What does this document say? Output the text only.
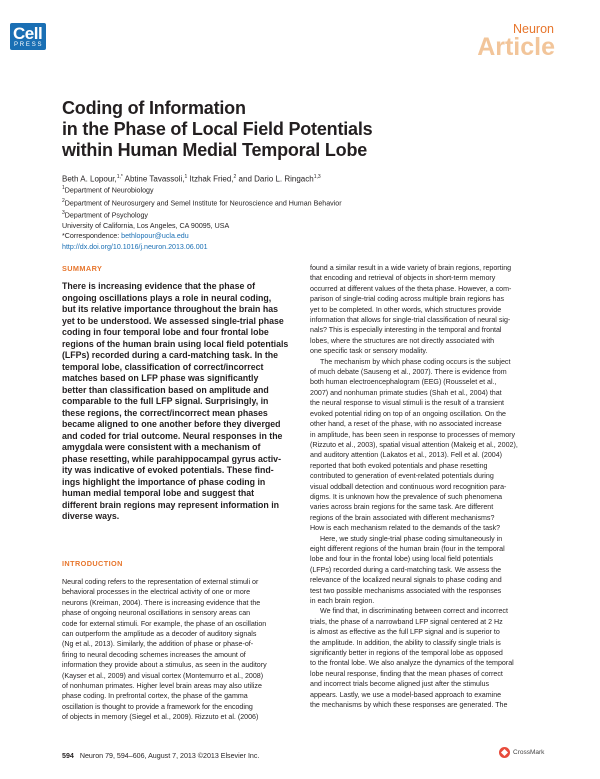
Cell
PRESS
Neuron
Article
Coding of Information
in the Phase of Local Field Potentials
within Human Medial Temporal Lobe
Beth A. Lopour,$^{1,*}$ Abtine Tavassoli,$^1$ Itzhak Fried,$^2$ and Dario L. Ringach$^{1,3}$
$^1$Department of Neurobiology
$^2$Department of Neurosurgery and Semel Institute for Neuroscience and Human Behavior
$^3$Department of Psychology
University of California, Los Angeles, CA 90095, USA
*Correspondence: bethlopour@ucla.edu
http://dx.doi.org/10.1016/j.neuron.2013.06.001
SUMMARY
There is increasing evidence that the phase of
ongoing oscillations plays a role in neural coding,
but its relative importance throughout the brain has
yet to be understood. We assessed single-trial phase
coding in four temporal lobe and four frontal lobe
regions of the human brain using local field potentials
(LFPs) recorded during a card-matching task. In the
temporal lobe, classification of correct/incorrect
matches based on LFP phase was significantly
better than classification based on amplitude and
comparable to the full LFP signal. Surprisingly, in
these regions, the correct/incorrect mean phases
became aligned to one another before they diverged
and coded for trial outcome. Neural responses in the
amygdala were consistent with a mechanism of
phase resetting, while parahippocampal gyrus activ-
ity was indicative of evoked potentials. These find-
ings highlight the importance of phase coding in
human medial temporal lobe and suggest that
different brain regions may represent information in
diverse ways.
INTRODUCTION
Neural coding refers to the representation of external stimuli or
behavioral processes in the electrical activity of one or more
neurons (Kreiman, 2004). There is increasing evidence that the
phase of ongoing neuronal oscillations in sensory areas can
code for external stimuli. For example, the phase of an oscillation
can outperform the amplitude as a decoder of auditory signals
(Ng et al., 2013). Similarly, the addition of phase or phase-of-
firing to neural decoding schemes increases the amount of
information they provide about a stimulus, as seen in the auditory
(Kayser et al., 2009) and visual cortex (Montemurro et al., 2008)
of nonhuman primates. Higher level brain areas may also utilize
phase coding. In prefrontal cortex, the phase of the gamma
oscillation is thought to provide a framework for the encoding
of objects in memory (Siegel et al., 2009). Rizzuto et al. (2006)
found a similar result in a wide variety of brain regions, reporting
that encoding and retrieval of objects in short-term memory
occurred at different values of the theta phase. However, a com-
parison of single-trial coding across multiple brain regions has
yet to be completed. In other words, which structures provide
information that allows for single-trial classification of neural sig-
nals? This is especially interesting in the temporal and frontal
lobes, where the structures are not directly associated with
one specific task or sensory modality.
The mechanism by which phase coding occurs is the subject
of much debate (Sauseng et al., 2007). There is evidence from
both human electroencephalogram (EEG) (Rousselet et al.,
2007) and nonhuman primate studies (Shah et al., 2004) that
the neural response to visual stimuli is the result of a transient
evoked potential riding on top of an ongoing oscillation. On the
other hand, a reset of the phase, with no associated increase
in amplitude, has been seen in response to processes of memory
(Rizzuto et al., 2003), spatial visual attention (Makeig et al., 2002),
and auditory attention (Lakatos et al., 2013). Fell et al. (2004)
reported that both evoked potentials and phase resetting
contributed to generation of event-related potentials during
visual oddball detection and continuous word recognition para-
digms. It is unknown how the prevalence of such phenomena
varies across brain regions for the same task. Are different
regions of the brain associated with different mechanisms?
How is each mechanism related to the demands of the task?
Here, we study single-trial phase coding simultaneously in
eight different regions of the human brain (four in the temporal
lobe and four in the frontal lobe) using local field potentials
(LFPs) recorded during a card-matching task. We assess the
relevance of the localized neural signals to phase coding and
test two possible mechanisms associated with the responses
in each brain region.
We find that, in discriminating between correct and incorrect
trials, the phase of a narrowband LFP signal centered at 2 Hz
is almost as effective as the full LFP signal and is superior to
the amplitude. In addition, the ability to classify single trials is
significantly better in regions of the temporal lobe as opposed
to the frontal lobe. We also analyze the dynamics of the temporal
lobe neural response, finding that the mean phases of correct
and incorrect trials become aligned just after the stimulus
appears. Lastly, we use a model-based approach to examine
the mechanisms by which these responses are generated. The
594 Neuron 79, 594–606, August 7, 2013 ©2013 Elsevier Inc.	CrossMark
